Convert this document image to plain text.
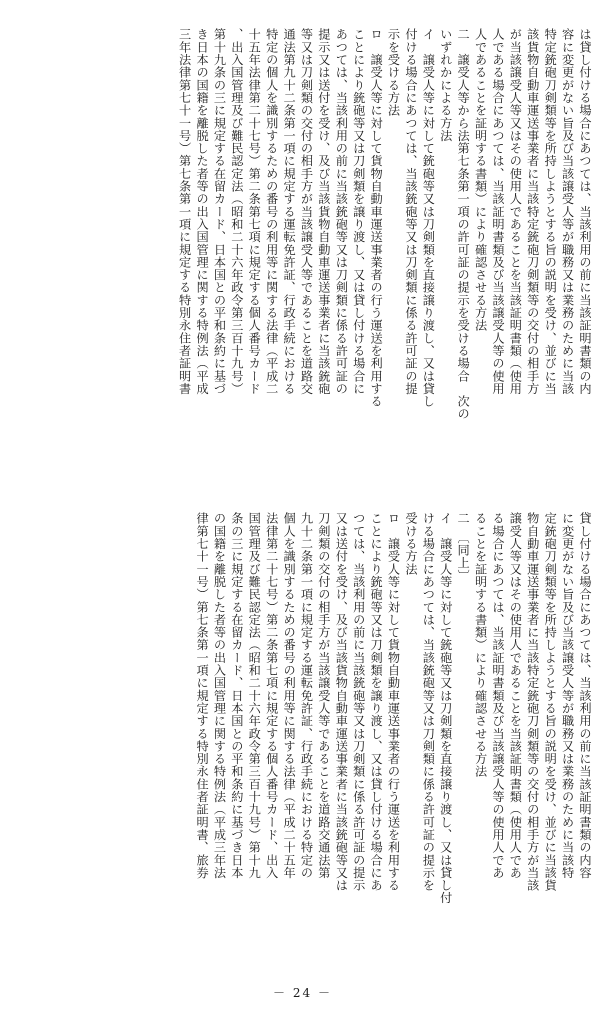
は貸し付ける場合にあつては、当該利用の前に当該証明書類の内
容に変更がない旨及び当該譲受人等が職務又は業務のために当該
特定銃砲刀剣類等を所持しようとする旨の説明を受け、並びに当
該貨物自動車運送事業者に当該特定銃砲刀剣類等の交付の相手方
が当該譲受人等又はその使用人であることを当該証明書類（使用
人である場合にあつては、当該証明書類及び当該譲受人等の使用
人であることを証明する書類）により確認させる方法
二　譲受人等から法第七条第一項の許可証の提示を受ける場合　次の
いずれかによる方法
イ　譲受人等に対して銃砲等又は刀剣類を直接譲り渡し、又は貸し
付ける場合にあつては、当該銃砲等又は刀剣類に係る許可証の提
示を受ける方法
ロ　譲受人等に対して貨物自動車運送事業者の行う運送を利用する
ことにより銃砲等又は刀剣類を譲り渡し、又は貸し付ける場合に
あつては、当該利用の前に当該銃砲等又は刀剣類に係る許可証の
提示又は送付を受け、及び当該貨物自動車運送事業者に当該銃砲
等又は刀剣類の交付の相手方が当該譲受人等であることを道路交
通法第九十二条第一項に規定する運転免許証、行政手続における
特定の個人を識別するための番号の利用等に関する法律（平成二
十五年法律第二十七号）第二条第七項に規定する個人番号カード
、出入国管理及び難民認定法（昭和二十六年政令第三百十九号）
第十九条の三に規定する在留カード、日本国との平和条約に基づ
き日本の国籍を離脱した者等の出入国管理に関する特例法（平成
三年法律第七十一号）第七条第一項に規定する特別永住者証明書
貸し付ける場合にあつては、当該利用の前に当該証明書類の内容
に変更がない旨及び当該譲受人等が職務又は業務のために当該特
定銃砲刀剣類等を所持しようとする旨の説明を受け、並びに当該貨
物自動車運送事業者に当該特定銃砲刀剣類等の交付の相手方が当該
譲受人等又はその使用人であることを当該証明書類（使用人であ
る場合にあつては、当該証明書類及び当該譲受人等の使用人であ
ることを証明する書類）により確認させる方法
二　〔同上〕
イ　譲受人等に対して銃砲等又は刀剣類を直接譲り渡し、又は貸し付
ける場合にあつては、当該銃砲等又は刀剣類に係る許可証の提示を
受ける方法
ロ　譲受人等に対して貨物自動車運送事業者の行う運送を利用する
ことにより銃砲等又は刀剣類を譲り渡し、又は貸し付ける場合にあ
つては、当該利用の前に当該銃砲等又は刀剣類に係る許可証の提示
又は送付を受け、及び当該貨物自動車運送事業者に当該銃砲等又は
刀剣類の交付の相手方が当該譲受人等であることを道路交通法第
九十二条第一項に規定する運転免許証、行政手続における特定の
個人を識別するための番号の利用等に関する法律（平成二十五年
法律第二十七号）第二条第七項に規定する個人番号カード、出入
国管理及び難民認定法（昭和二十六年政令第三百十九号）第十九
条の三に規定する在留カード、日本国との平和条約に基づき日本
の国籍を離脱した者等の出入国管理に関する特例法（平成三年法
律第七十一号）第七条第一項に規定する特別永住者証明書、旅券
－ 24 －
